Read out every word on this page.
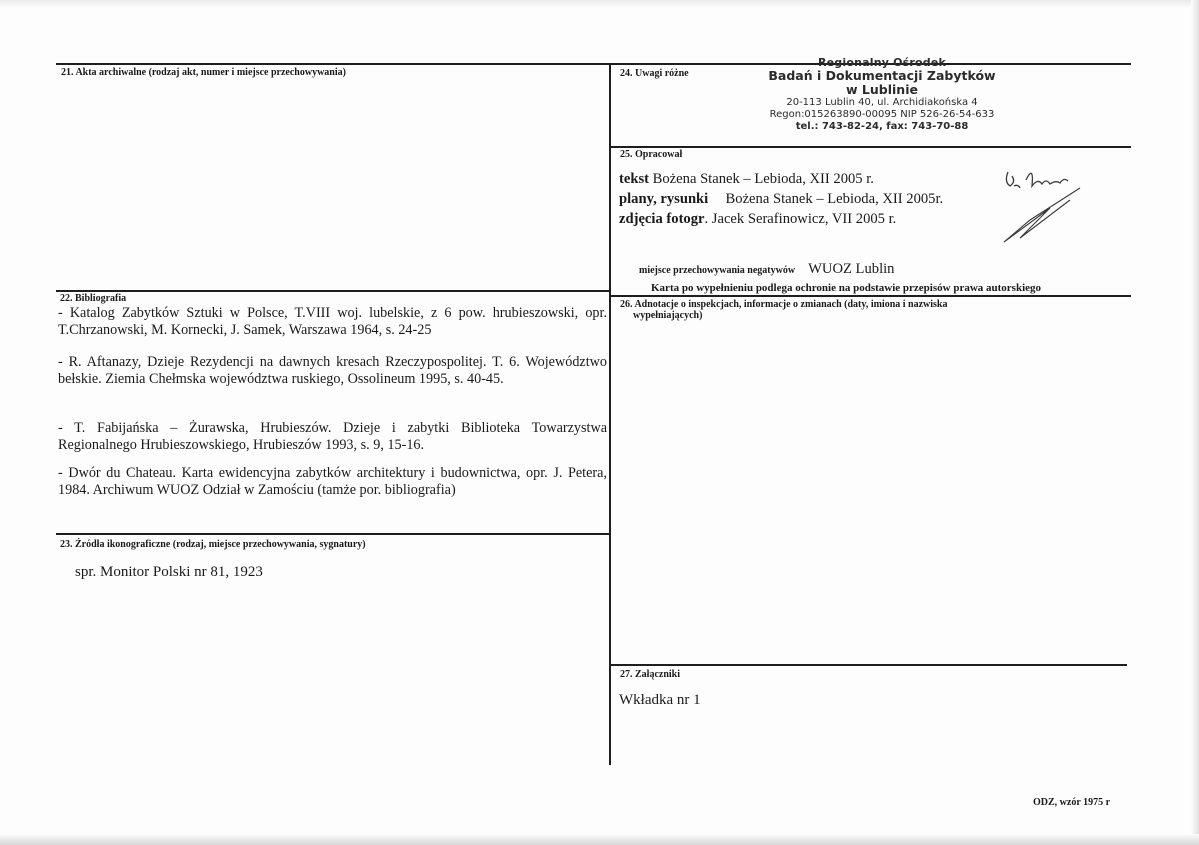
21. Akta archiwalne (rodzaj akt, numer i miejsce przechowywania)
22. Bibliografia

- Katalog Zabytków Sztuki w Polsce, T.VIII woj. lubelskie, z 6 pow. hrubieszowski, opr. T.Chrzanowski, M. Kornecki, J. Samek, Warszawa 1964, s. 24-25

- R. Aftanazy, Dzieje Rezydencji na dawnych kresach Rzeczypospolitej. T. 6. Województwo bełskie. Ziemia Chełmska województwa ruskiego, Ossolineum 1995, s. 40-45.

- T. Fabijańska – Żurawska, Hrubieszów. Dzieje i zabytki Biblioteka Towarzystwa Regionalnego Hrubieszowskiego, Hrubieszów 1993, s. 9, 15-16.

- Dwór du Chateau. Karta ewidencyjna zabytków architektury i budownictwa, opr. J. Petera, 1984. Archiwum WUOZ Odział w Zamościu (tamże por. bibliografia)

23. Źródła ikonograficzne (rodzaj, miejsce przechowywania, sygnatury)
spr. Monitor Polski nr 81, 1923
24. Uwagi różne
Regionalny Ośrodek
Badań i Dokumentacji Zabytków
w Lublinie
20-113 Lublin 40, ul. Archidiakońska 4
Regon:015263890-00095 NIP 526-26-54-633
tel.: 743-82-24, fax: 743-70-88
25. Opracował
tekst Bożena Stanek – Lebioda, XII 2005 r.
plany, rysunki Bożena Stanek – Lebioda, XII 2005r.
zdjęcia fotogr. Jacek Serafinowicz, VII 2005 r.
miejsce przechowywania negatywów WUOZ Lublin
Karta po wypełnieniu podlega ochronie na podstawie przepisów prawa autorskiego
26. Adnotacje o inspekcjach, informacje o zmianach (daty, imiona i nazwiska
wypełniających)
27. Załączniki
Wkładka nr 1
ODZ, wzór 1975 r
